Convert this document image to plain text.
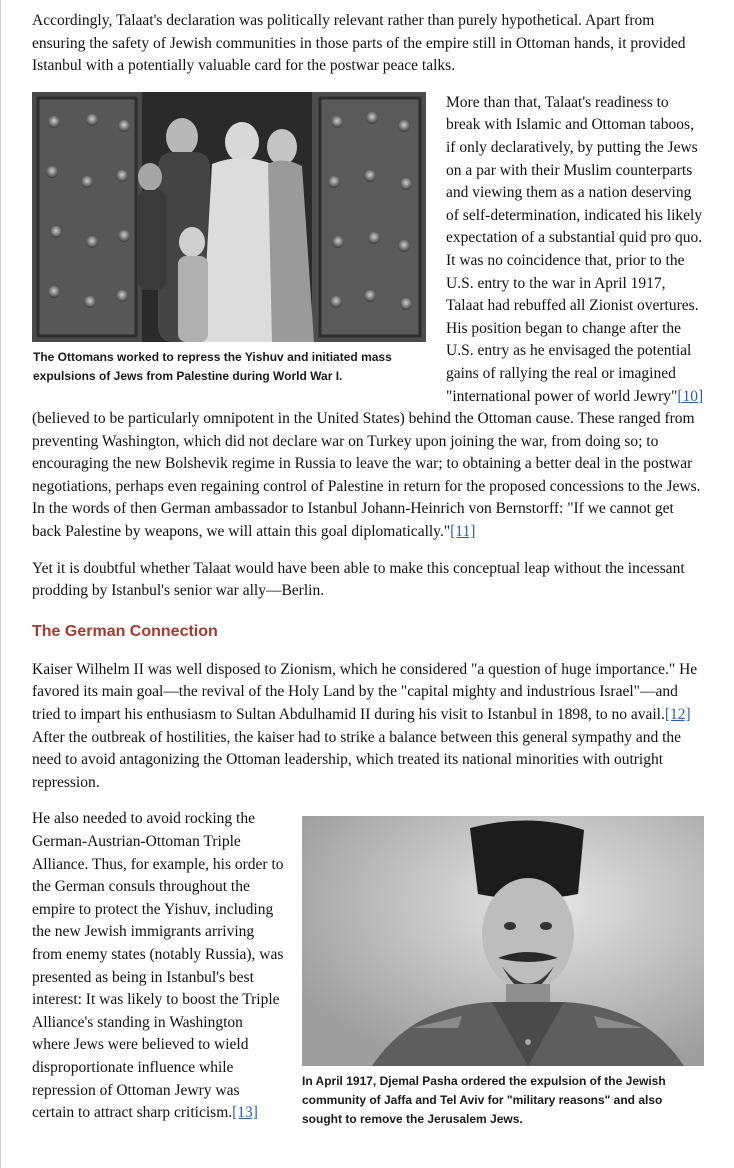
Accordingly, Talaat's declaration was politically relevant rather than purely hypothetical. Apart from ensuring the safety of Jewish communities in those parts of the empire still in Ottoman hands, it provided Istanbul with a potentially valuable card for the postwar peace talks.

The Ottomans worked to repress the Yishuv and initiated mass expulsions of Jews from Palestine during World War I.

More than that, Talaat's readiness to break with Islamic and Ottoman taboos, if only declaratively, by putting the Jews on a par with their Muslim counterparts and viewing them as a nation deserving of self-determination, indicated his likely expectation of a substantial quid pro quo. It was no coincidence that, prior to the U.S. entry to the war in April 1917, Talaat had rebuffed all Zionist overtures. His position began to change after the U.S. entry as he envisaged the potential gains of rallying the real or imagined "international power of world Jewry"[10] (believed to be particularly omnipotent in the United States) behind the Ottoman cause. These ranged from preventing Washington, which did not declare war on Turkey upon joining the war, from doing so; to encouraging the new Bolshevik regime in Russia to leave the war; to obtaining a better deal in the postwar negotiations, perhaps even regaining control of Palestine in return for the proposed concessions to the Jews. In the words of then German ambassador to Istanbul Johann-Heinrich von Bernstorff: "If we cannot get back Palestine by weapons, we will attain this goal diplomatically."[11]

Yet it is doubtful whether Talaat would have been able to make this conceptual leap without the incessant prodding by Istanbul's senior war ally—Berlin.

The German Connection

Kaiser Wilhelm II was well disposed to Zionism, which he considered "a question of huge importance." He favored its main goal—the revival of the Holy Land by the "capital mighty and industrious Israel"—and tried to impart his enthusiasm to Sultan Abdulhamid II during his visit to Istanbul in 1898, to no avail.[12] After the outbreak of hostilities, the kaiser had to strike a balance between this general sympathy and the need to avoid antagonizing the Ottoman leadership, which treated its national minorities with outright repression.

In April 1917, Djemal Pasha ordered the expulsion of the Jewish community of Jaffa and Tel Aviv for "military reasons" and also sought to remove the Jerusalem Jews.

He also needed to avoid rocking the German-Austrian-Ottoman Triple Alliance. Thus, for example, his order to the German consuls throughout the empire to protect the Yishuv, including the new Jewish immigrants arriving from enemy states (notably Russia), was presented as being in Istanbul's best interest: It was likely to boost the Triple Alliance's standing in Washington where Jews were believed to wield disproportionate influence while repression of Ottoman Jewry was certain to attract sharp criticism.[13]
